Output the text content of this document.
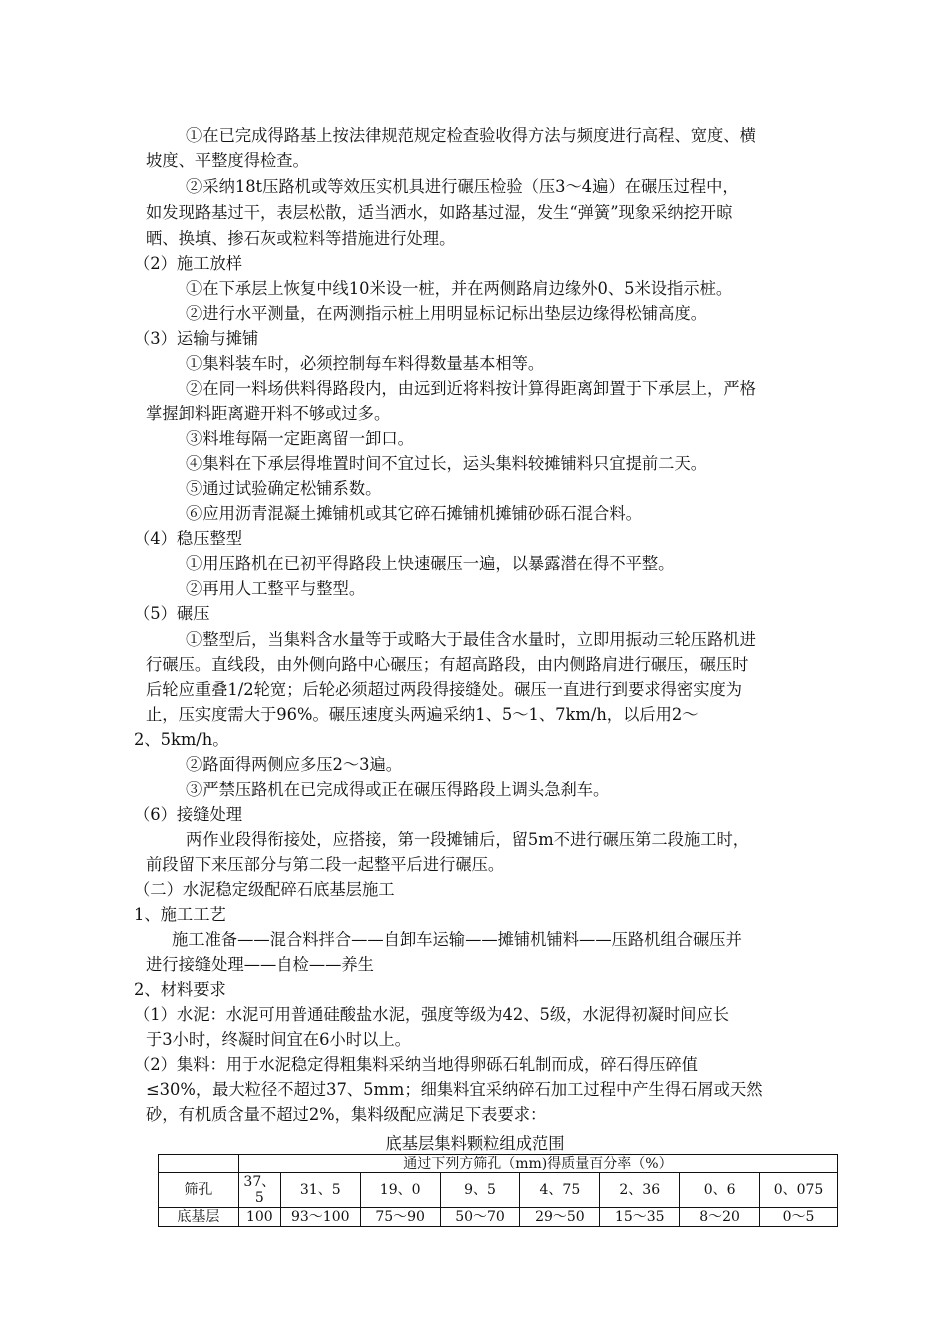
①在已完成得路基上按法律规范规定检查验收得方法与频度进行高程、宽度、横
坡度、平整度得检查。
②采纳18t压路机或等效压实机具进行碾压检验（压3～4遍）在碾压过程中，
如发现路基过干，表层松散，适当洒水，如路基过湿，发生“弹簧”现象采纳挖开晾
晒、换填、掺石灰或粒料等措施进行处理。
（2）施工放样
①在下承层上恢复中线10米设一桩，并在两侧路肩边缘外0、5米设指示桩。
②进行水平测量，在两测指示桩上用明显标记标出垫层边缘得松铺高度。
（3）运输与摊铺
①集料装车时，必须控制每车料得数量基本相等。
②在同一料场供料得路段内，由远到近将料按计算得距离卸置于下承层上，严格
掌握卸料距离避开料不够或过多。
③料堆每隔一定距离留一卸口。
④集料在下承层得堆置时间不宜过长，运头集料较摊铺料只宜提前二天。
⑤通过试验确定松铺系数。
⑥应用沥青混凝土摊铺机或其它碎石摊铺机摊铺砂砾石混合料。
（4）稳压整型
①用压路机在已初平得路段上快速碾压一遍，以暴露潜在得不平整。
②再用人工整平与整型。
（5）碾压
①整型后，当集料含水量等于或略大于最佳含水量时，立即用振动三轮压路机进
行碾压。直线段，由外侧向路中心碾压；有超高路段，由内侧路肩进行碾压，碾压时
后轮应重叠1/2轮宽；后轮必须超过两段得接缝处。碾压一直进行到要求得密实度为
止，压实度需大于96%。碾压速度头两遍采纳1、5～1、7km/h，以后用2～
2、5km/h。
②路面得两侧应多压2～3遍。
③严禁压路机在已完成得或正在碾压得路段上调头急刹车。
（6）接缝处理
两作业段得衔接处，应搭接，第一段摊铺后，留5m不进行碾压第二段施工时，
前段留下来压部分与第二段一起整平后进行碾压。
（二）水泥稳定级配碎石底基层施工
1、施工工艺
施工准备——混合料拌合——自卸车运输——摊铺机铺料——压路机组合碾压并
进行接缝处理——自检——养生
2、材料要求
（1）水泥：水泥可用普通硅酸盐水泥，强度等级为42、5级，水泥得初凝时间应长
于3小时，终凝时间宜在6小时以上。
（2）集料：用于水泥稳定得粗集料采纳当地得卵砾石轧制而成，碎石得压碎值
≤30%，最大粒径不超过37、5mm；细集料宜采纳碎石加工过程中产生得石屑或天然
砂，有机质含量不超过2%，集料级配应满足下表要求：
底基层集料颗粒组成范围
	通过下列方筛孔（mm)得质量百分率（%）							
筛孔	37、5	31、5	19、0	9、5	4、75	2、36	0、6	0、075
底基层	100	93～100	75～90	50～70	29～50	15～35	8～20	0～5
